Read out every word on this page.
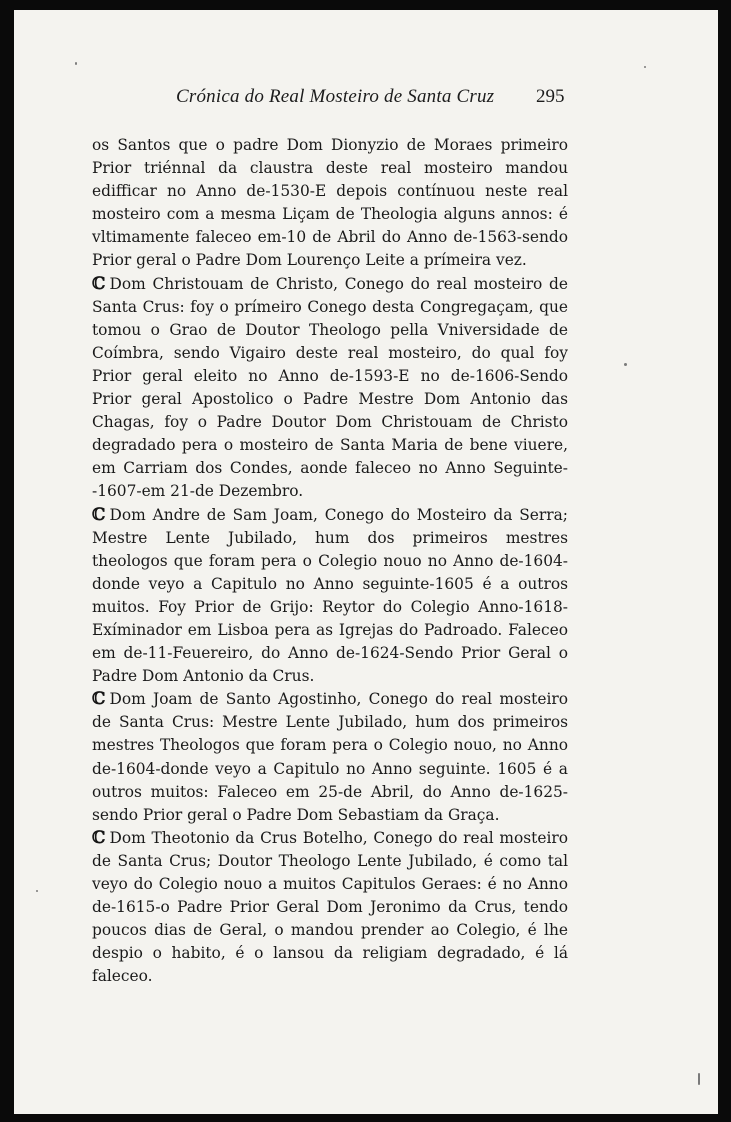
Crónica do Real Mosteiro de Santa Cruz 295

os Santos que o padre Dom Dionyzio de Moraes primeiro Prior triénnal da claustra deste real mosteiro mandou edifficar no Anno de-1530-E depois contínuou neste real mosteiro com a mesma Liçam de Theologia alguns annos: é vltimamente faleceo em-10 de Abril do Anno de-1563-sendo Prior geral o Padre Dom Lourenço Leite a prímeira vez.

ℂ Dom Christouam de Christo, Conego do real mosteiro de Santa Crus: foy o prímeiro Conego desta Congregaçam, que tomou o Grao de Doutor Theologo pella Vniversidade de Coímbra, sendo Vigairo deste real mosteiro, do qual foy Prior geral eleito no Anno de-1593-E no de-1606-Sendo Prior geral Apostolico o Padre Mestre Dom Antonio das Chagas, foy o Padre Doutor Dom Christouam de Christo degradado pera o mosteiro de Santa Maria de bene viuere, em Carriam dos Condes, aonde faleceo no Anno Seguinte--1607-em 21-de Dezembro.

ℂ Dom Andre de Sam Joam, Conego do Mosteiro da Serra; Mestre Lente Jubilado, hum dos primeiros mestres theologos que foram pera o Colegio nouo no Anno de-1604-donde veyo a Capitulo no Anno seguinte-1605 é a outros muitos. Foy Prior de Grijo: Reytor do Colegio Anno-1618-Exíminador em Lisboa pera as Igrejas do Padroado. Faleceo em de-11-Feuereiro, do Anno de-1624-Sendo Prior Geral o Padre Dom Antonio da Crus.

ℂ Dom Joam de Santo Agostinho, Conego do real mosteiro de Santa Crus: Mestre Lente Jubilado, hum dos primeiros mestres Theologos que foram pera o Colegio nouo, no Anno de-1604-donde veyo a Capitulo no Anno seguinte. 1605 é a outros muitos: Faleceo em 25-de Abril, do Anno de-1625-sendo Prior geral o Padre Dom Sebastiam da Graça.

ℂ Dom Theotonio da Crus Botelho, Conego do real mosteiro de Santa Crus; Doutor Theologo Lente Jubilado, é como tal veyo do Colegio nouo a muitos Capitulos Geraes: é no Anno de-1615-o Padre Prior Geral Dom Jeronimo da Crus, tendo poucos dias de Geral, o mandou prender ao Colegio, é lhe despio o habito, é o lansou da religiam degradado, é lá faleceo.
